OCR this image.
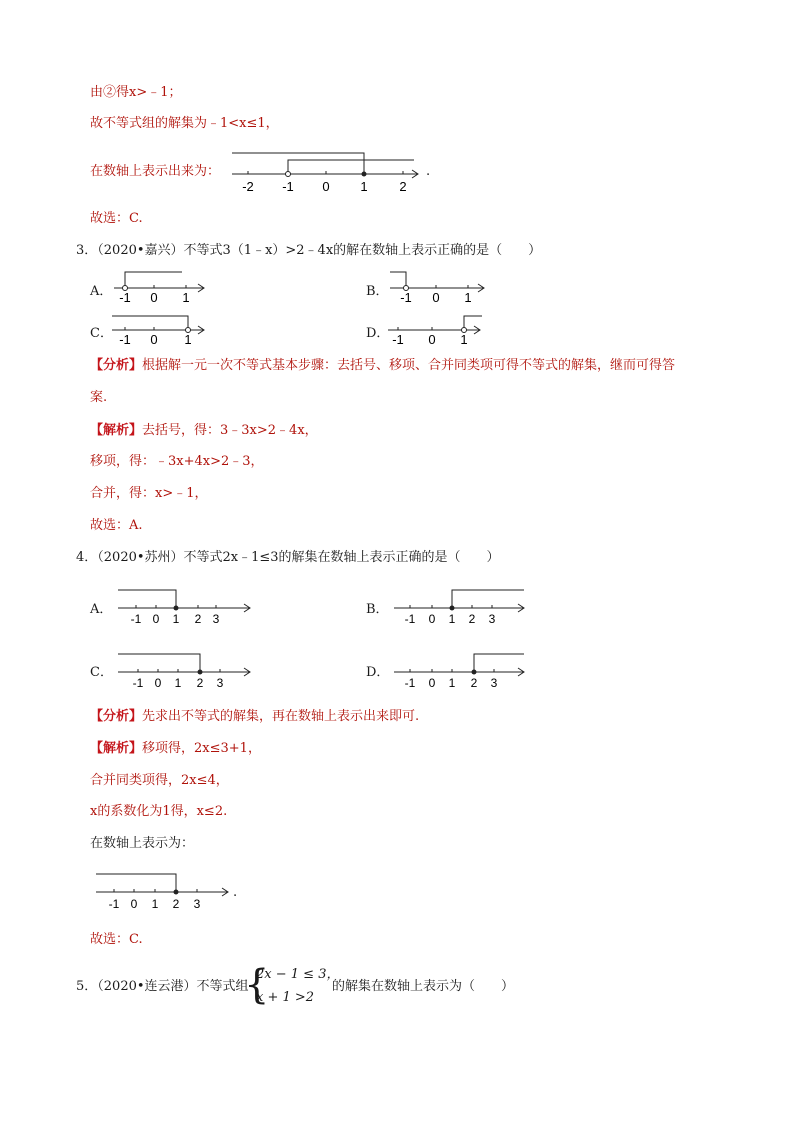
由②得x>﹣1；
故不等式组的解集为﹣1<x≤1，
在数轴上表示出来为：
-2 -1 0 1 2
.
故选：C.
3．（2020•嘉兴）不等式3（1﹣x）>2﹣4x的解在数轴上表示正确的是（　　）
A． -1 0 1	B． -1 0 1
C． -1 0 1	D． -1 0 1
【分析】根据解一元一次不等式基本步骤：去括号、移项、合并同类项可得不等式的解集，继而可得答
案.
【解析】去括号，得：3﹣3x>2﹣4x，
移项，得：﹣3x+4x>2﹣3，
合并，得：x>﹣1，
故选：A.
4．（2020•苏州）不等式2x﹣1≤3的解集在数轴上表示正确的是（　　）
A．
-1 0 1 2 3
B．
-1 0 1 2 3
C．
-1 0 1 2 3
D．
-1 0 1 2 3
【分析】先求出不等式的解集，再在数轴上表示出来即可.
【解析】移项得，2x≤3+1，
合并同类项得，2x≤4，
x的系数化为1得，x≤2.
在数轴上表示为：
-1 0 1 2 3
.
故选：C.
5．（2020•连云港）不等式组
{
2x − 1 ≤ 3，
x + 1 >2
的解集在数轴上表示为（　　）
